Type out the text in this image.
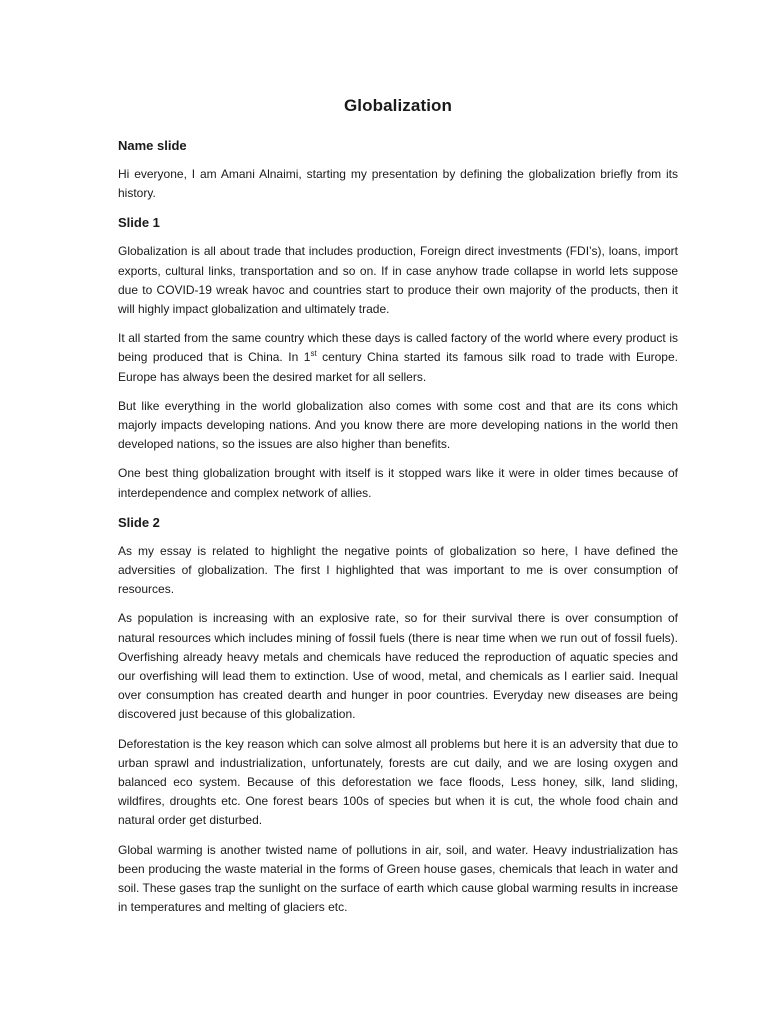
Globalization
Name slide

Hi everyone, I am Amani Alnaimi, starting my presentation by defining the globalization briefly from its history.

Slide 1

Globalization is all about trade that includes production, Foreign direct investments (FDI’s), loans, import exports, cultural links, transportation and so on. If in case anyhow trade collapse in world lets suppose due to COVID-19 wreak havoc and countries start to produce their own majority of the products, then it will highly impact globalization and ultimately trade.

It all started from the same country which these days is called factory of the world where every product is being produced that is China. In 1st century China started its famous silk road to trade with Europe. Europe has always been the desired market for all sellers.

But like everything in the world globalization also comes with some cost and that are its cons which majorly impacts developing nations. And you know there are more developing nations in the world then developed nations, so the issues are also higher than benefits.

One best thing globalization brought with itself is it stopped wars like it were in older times because of interdependence and complex network of allies.

Slide 2

As my essay is related to highlight the negative points of globalization so here, I have defined the adversities of globalization. The first I highlighted that was important to me is over consumption of resources.

As population is increasing with an explosive rate, so for their survival there is over consumption of natural resources which includes mining of fossil fuels (there is near time when we run out of fossil fuels). Overfishing already heavy metals and chemicals have reduced the reproduction of aquatic species and our overfishing will lead them to extinction. Use of wood, metal, and chemicals as I earlier said. Inequal over consumption has created dearth and hunger in poor countries. Everyday new diseases are being discovered just because of this globalization.

Deforestation is the key reason which can solve almost all problems but here it is an adversity that due to urban sprawl and industrialization, unfortunately, forests are cut daily, and we are losing oxygen and balanced eco system. Because of this deforestation we face floods, Less honey, silk, land sliding, wildfires, droughts etc. One forest bears 100s of species but when it is cut, the whole food chain and natural order get disturbed.

Global warming is another twisted name of pollutions in air, soil, and water. Heavy industrialization has been producing the waste material in the forms of Green house gases, chemicals that leach in water and soil. These gases trap the sunlight on the surface of earth which cause global warming results in increase in temperatures and melting of glaciers etc.
